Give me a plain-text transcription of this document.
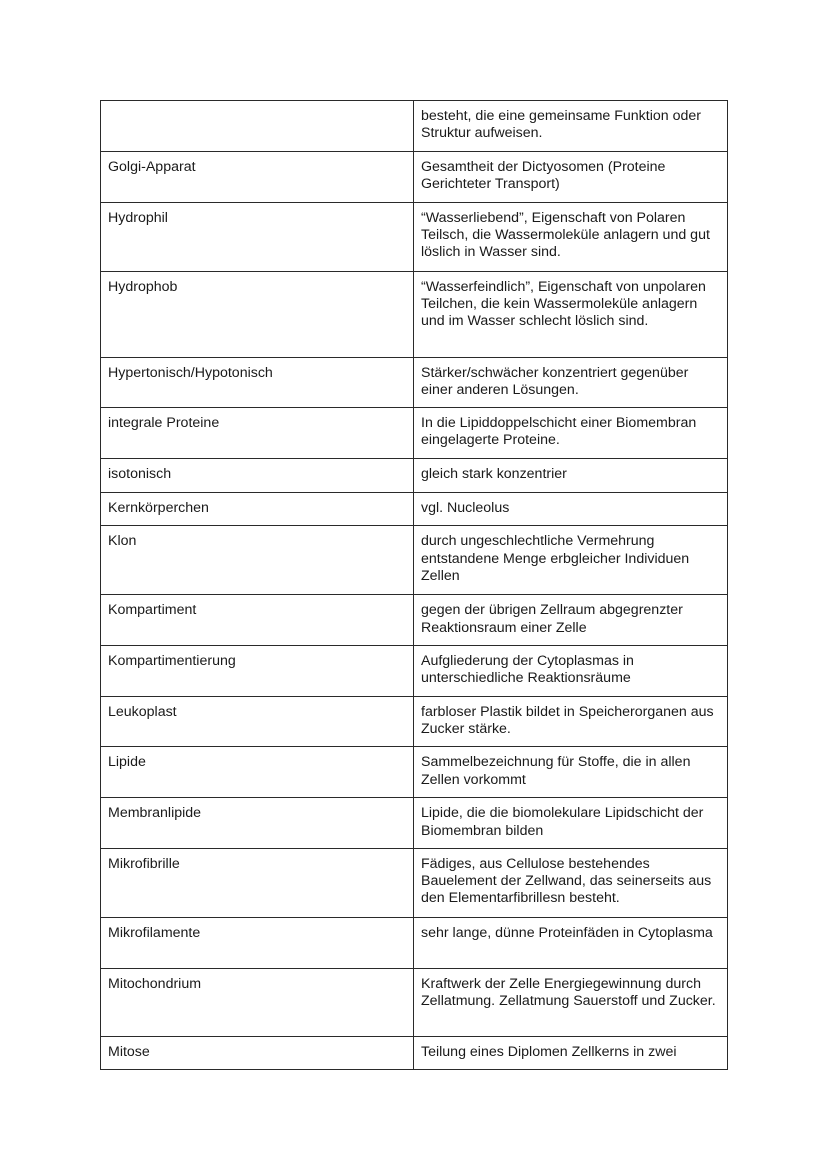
	besteht, die eine gemeinsame Funktion oder Struktur aufweisen.
Golgi-Apparat	Gesamtheit der Dictyosomen (Proteine Gerichteter Transport)
Hydrophil	“Wasserliebend”, Eigenschaft von Polaren Teilsch, die Wassermoleküle anlagern und gut löslich in Wasser sind.
Hydrophob	“Wasserfeindlich”, Eigenschaft von unpolaren Teilchen, die kein Wassermoleküle anlagern und im Wasser schlecht löslich sind.
Hypertonisch/Hypotonisch	Stärker/schwächer konzentriert gegenüber einer anderen Lösungen.
integrale Proteine	In die Lipiddoppelschicht einer Biomembran eingelagerte Proteine.
isotonisch	gleich stark konzentrier
Kernkörperchen	vgl. Nucleolus
Klon	durch ungeschlechtliche Vermehrung entstandene Menge erbgleicher Individuen Zellen
Kompartiment	gegen der übrigen Zellraum abgegrenzter Reaktionsraum einer Zelle
Kompartimentierung	Aufgliederung der Cytoplasmas in unterschiedliche Reaktionsräume
Leukoplast	farbloser Plastik bildet in Speicherorganen aus Zucker stärke.
Lipide	Sammelbezeichnung für Stoffe, die in allen Zellen vorkommt
Membranlipide	Lipide, die die biomolekulare Lipidschicht der Biomembran bilden
Mikrofibrille	Fädiges, aus Cellulose bestehendes Bauelement der Zellwand, das seinerseits aus den Elementarfibrillesn besteht.
Mikrofilamente	sehr lange, dünne Proteinfäden in Cytoplasma
Mitochondrium	Kraftwerk der Zelle Energiegewinnung durch Zellatmung. Zellatmung Sauerstoff und Zucker.
Mitose	Teilung eines Diplomen Zellkerns in zwei
